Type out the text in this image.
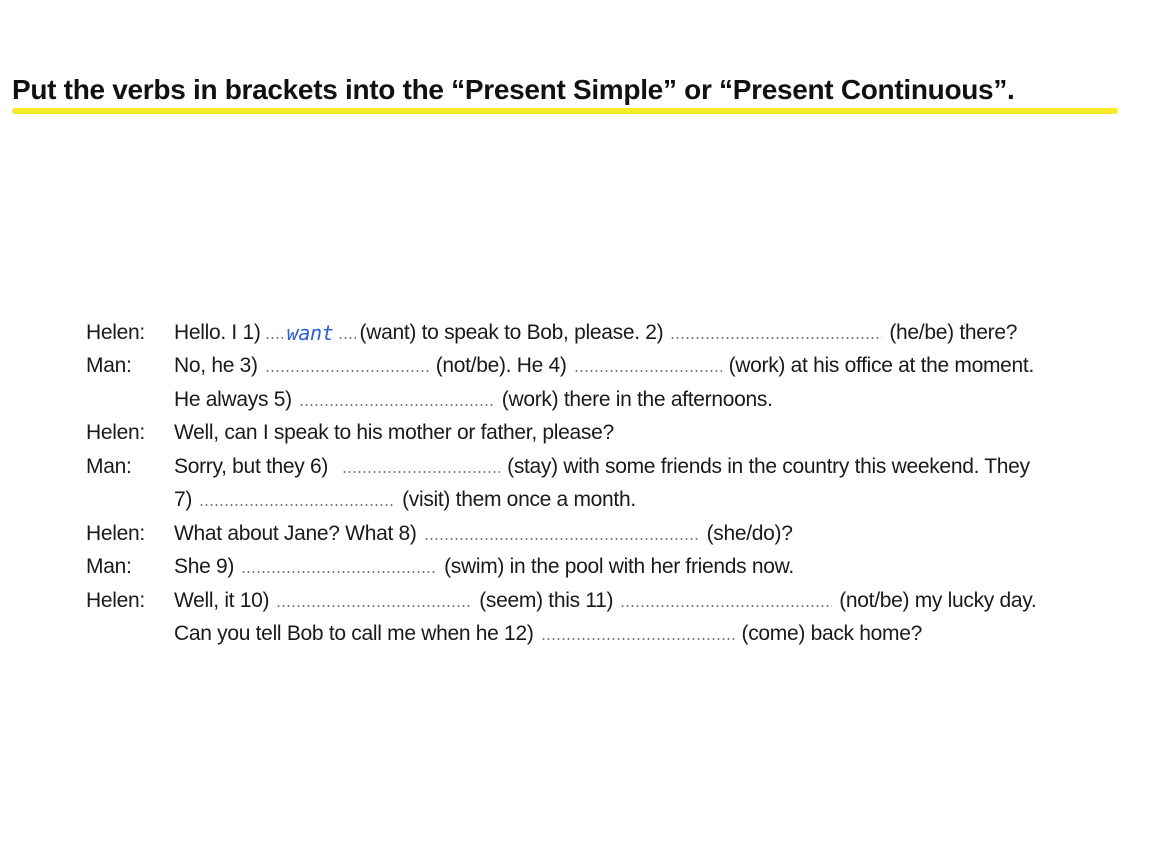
Put the verbs in brackets into the “Present Simple” or “Present Continuous”.
Helen:	Hello. I 1) want (want) to speak to Bob, please. 2)	(he/be) there?
Man:	No, he 3)	(not/be). He 4)	(work) at his office at the moment.
He always 5)	(work) there in the afternoons.
Helen:	Well, can I speak to his mother or father, please?
Man:	Sorry, but they 6)	(stay) with some friends in the country this weekend. They
7)	(visit) them once a month.
Helen:	What about Jane? What 8)	(she/do)?
Man:	She 9)	(swim) in the pool with her friends now.
Helen:	Well, it 10)	(seem) this 11)	(not/be) my lucky day.
Can you tell Bob to call me when he 12)	(come) back home?
